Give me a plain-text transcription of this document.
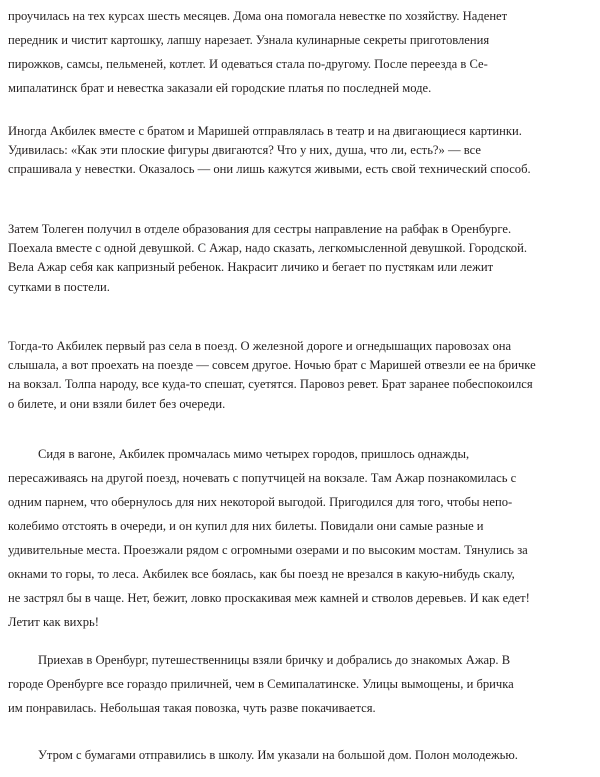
проучилась на тех курсах шесть месяцев. Дома она помогала невестке по хозяйству. Наденет
передник и чистит картошку, лапшу нарезает. Узнала кулинарные секреты приготовления
пирожков, самсы, пельменей, котлет. И одеваться стала по-другому. После переезда в Се-
мипалатинск брат и невестка заказали ей городские платья по последней моде.
Иногда Акбилек вместе с братом и Маришей отправлялась в театр и на двигающиеся картинки.
Удивилась: «Как эти плоские фигуры двигаются? Что у них, душа, что ли, есть?» — все
спрашивала у невестки. Оказалось — они лишь кажутся живыми, есть свой технический способ.
Затем Толеген получил в отделе образования для сестры направление на рабфак в Оренбурге.
Поехала вместе с одной девушкой. С Ажар, надо сказать, легкомысленной девушкой. Городской.
Вела Ажар себя как капризный ребенок. Накрасит личико и бегает по пустякам или лежит
сутками в постели.
Тогда-то Акбилек первый раз села в поезд. О железной дороге и огнедышащих паровозах она
слышала, а вот проехать на поезде — совсем другое. Ночью брат с Маришей отвезли ее на бричке
на вокзал. Толпа народу, все куда-то спешат, суетятся. Паровоз ревет. Брат заранее побеспокоился
о билете, и они взяли билет без очереди.
Сидя в вагоне, Акбилек промчалась мимо четырех городов, пришлось однажды,
пересаживаясь на другой поезд, ночевать с попутчицей на вокзале. Там Ажар познакомилась с
одним парнем, что обернулось для них некоторой выгодой. Пригодился для того, чтобы непо-
колебимо отстоять в очереди, и он купил для них билеты. Повидали они самые разные и
удивительные места. Проезжали рядом с огромными озерами и по высоким мостам. Тянулись за
окнами то горы, то леса. Акбилек все боялась, как бы поезд не врезался в какую-нибудь скалу,
не застрял бы в чаще. Нет, бежит, ловко проскакивая меж камней и стволов деревьев. И как едет!
Летит как вихрь!
Приехав в Оренбург, путешественницы взяли бричку и добрались до знакомых Ажар. В
городе Оренбурге все гораздо приличней, чем в Семипалатинске. Улицы вымощены, и бричка
им понравилась. Небольшая такая повозка, чуть разве покачивается.
Утром с бумагами отправились в школу. Им указали на большой дом. Полон молодежью.
